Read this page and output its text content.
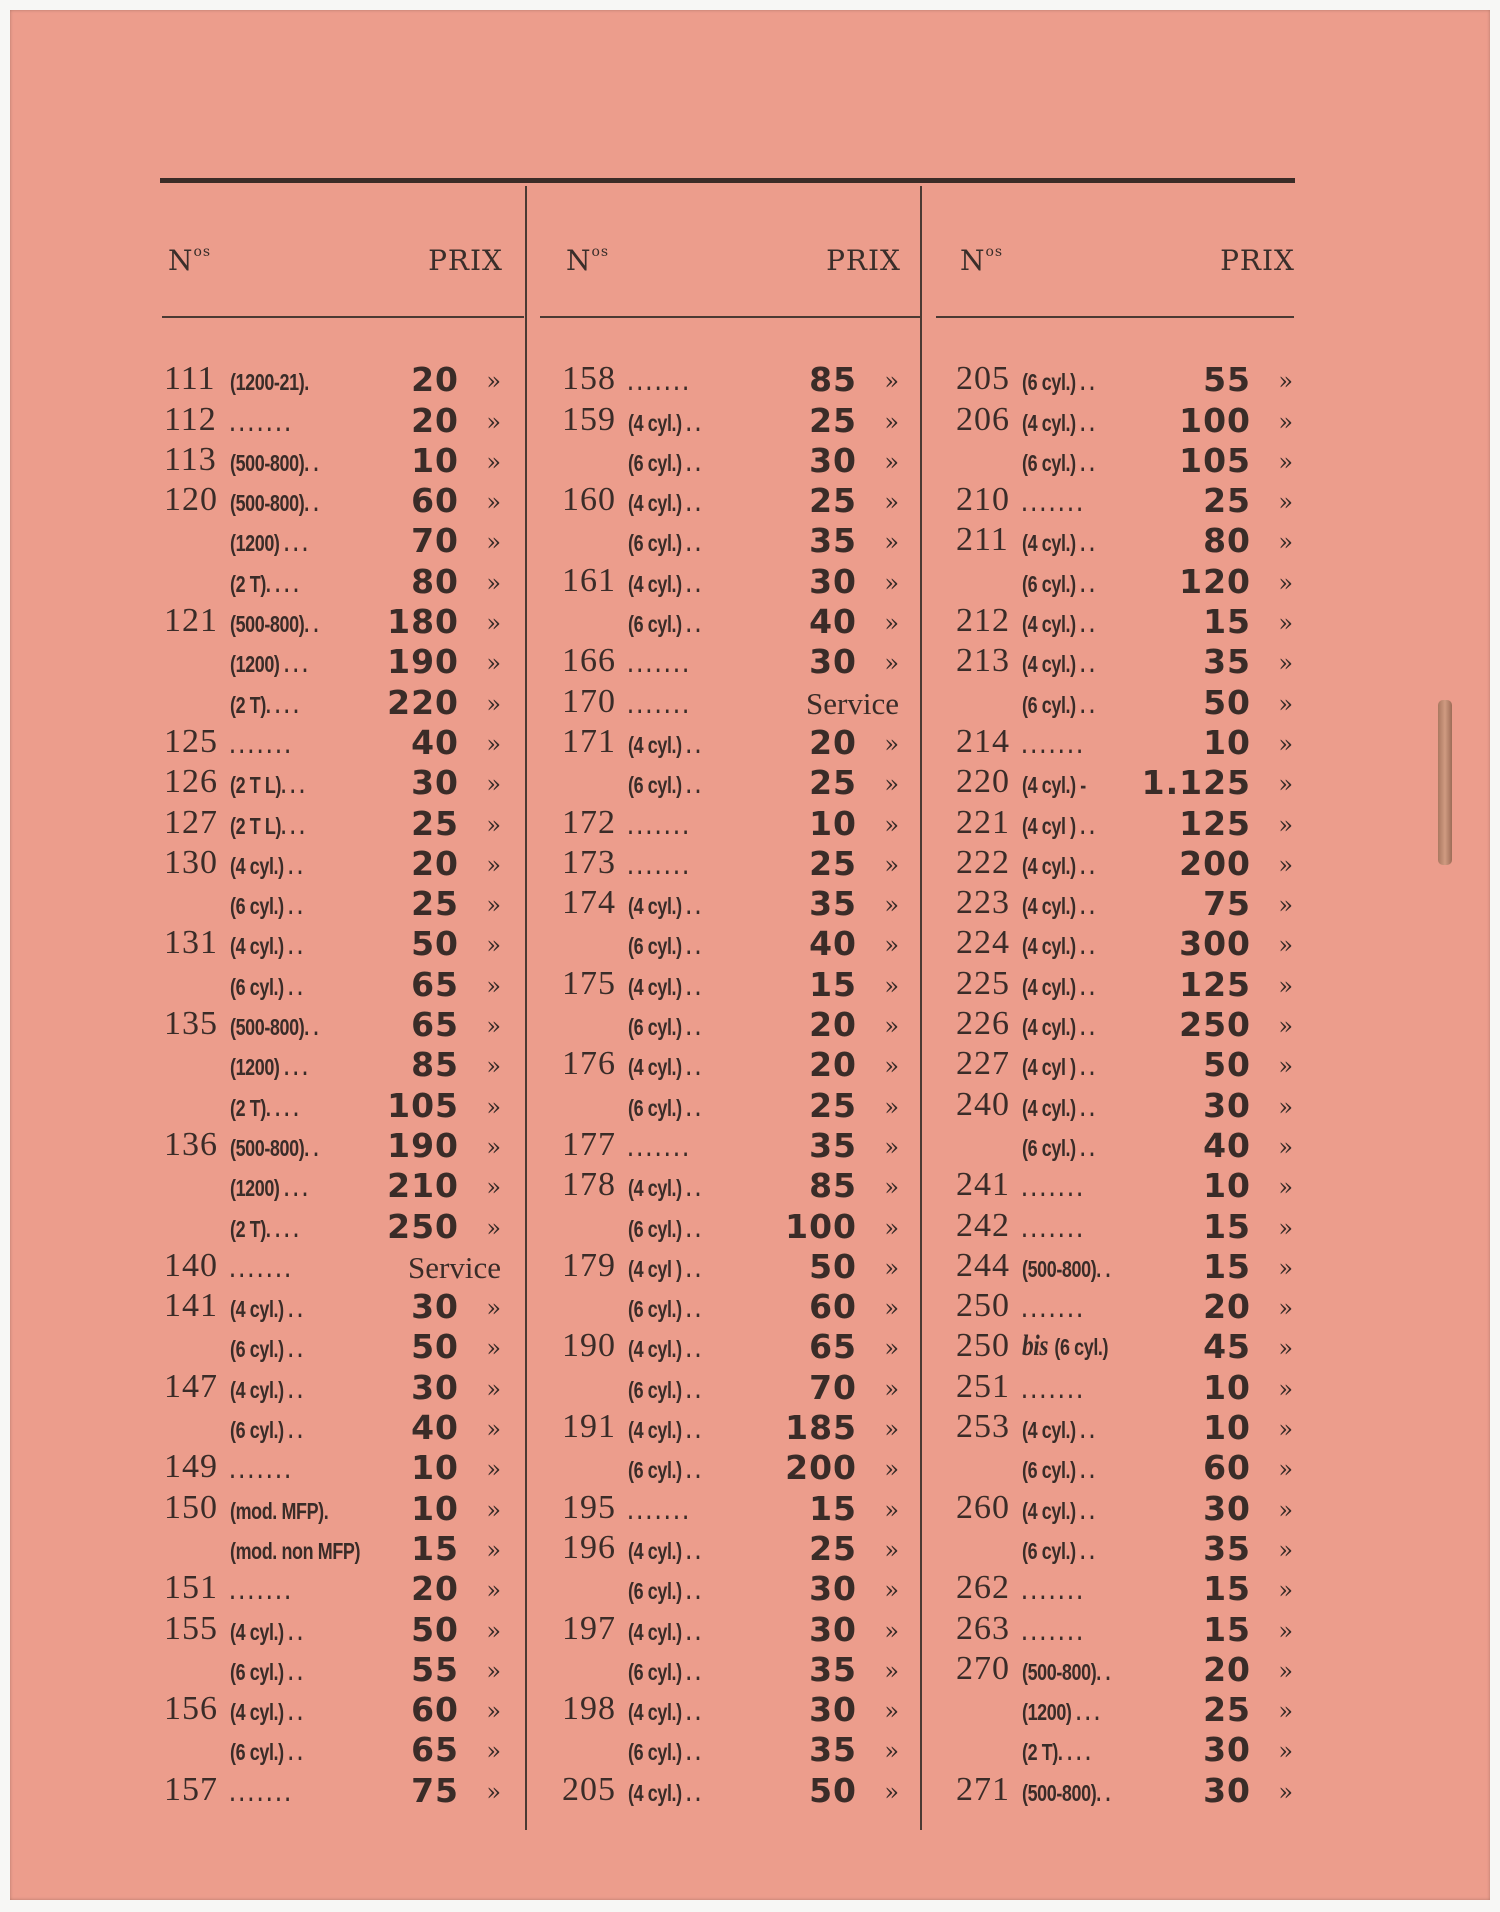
$N^{os}$	PRIX
111 (1200-21).	20 »
112 . . . . . . .	20 »
113 (500-800). .	10 »
120 (500-800). .	60 »
(1200) . . .	70 »
(2 T). . . .	80 »
121 (500-800). . 180 »
(1200) . . . 190 »
(2 T). . . .	220 »
125 . . . . . . .	40 »
126 (2 T L). . .	30 »
127 (2 T L). . .	25 »
130 (4 cyl.) . .	20 »
(6 cyl.) . .	25 »
131 (4 cyl.) . .	50 »
(6 cyl.) . .	65 »
135 (500-800). .	65 »
(1200) . . .	85 »
(2 T). . . .	105 »
136 (500-800). . 190 »
(1200) . . . 210 »
(2 T). . . .	250 »
140 . . . . . . .	Service
141 (4 cyl.) . .	30 »
(6 cyl.) . .	50 »
147 (4 cyl.) . .	30 »
(6 cyl.) . .	40 »
149 . . . . . . .	10 »
150 (mod. MFP).	10 »
(mod. non MFP) 15 »
151 . . . . . . .	20 »
155 (4 cyl.) . .	50 »
(6 cyl.) . .	55 »
156 (4 cyl.) . .	60 »
(6 cyl.) . .	65 »
157 . . . . . . .	75 »
$N^{os}$	PRIX
158 . . . . . . .	85 »
159 (4 cyl.) . .	25 »
(6 cyl.) . .	30 »
160 (4 cyl.) . .	25 »
(6 cyl.) . .	35 »
161 (4 cyl.) . .	30 »
(6 cyl.) . .	40 »
166 . . . . . . .	30 »
170 . . . . . . .	Service
171 (4 cyl.) . .	20 »
(6 cyl.) . .	25 »
172 . . . . . . .	10 »
173 . . . . . . .	25 »
174 (4 cyl.) . .	35 »
(6 cyl.) . .	40 »
175 (4 cyl.) . .	15 »
(6 cyl.) . .	20 »
176 (4 cyl.) . .	20 »
(6 cyl.) . .	25 »
177 . . . . . . .	35 »
178 (4 cyl.) . .	85 »
(6 cyl.) . .	100 »
179 (4 cyl ) . .	50 »
(6 cyl.) . .	60 »
190 (4 cyl.) . .	65 »
(6 cyl.) . .	70 »
191 (4 cyl.) . .	185 »
(6 cyl.) . .	200 »
195 . . . . . . .	15 »
196 (4 cyl.) . .	25 »
(6 cyl.) . .	30 »
197 (4 cyl.) . .	30 »
(6 cyl.) . .	35 »
198 (4 cyl.) . .	30 »
(6 cyl.) . .	35 »
205 (4 cyl.) . .	50 »
$N^{os}$	PRIX
205 (6 cyl.) . .	55 »
206 (4 cyl.) . .	100 »
(6 cyl.) . .	105 »
210 . . . . . . .	25 »
211 (4 cyl.) . .	80 »
(6 cyl.) . .	120 »
212 (4 cyl.) . .	15 »
213 (4 cyl.) . .	35 »
(6 cyl.) . .	50 »
214 . . . . . . .	10 »
220 (4 cyl.) - 1.125 »
221 (4 cyl ) . .	125 »
222 (4 cyl.) . .	200 »
223 (4 cyl.) . .	75 »
224 (4 cyl.) . .	300 »
225 (4 cyl.) . .	125 »
226 (4 cyl.) . .	250 »
227 (4 cyl ) . .	50 »
240 (4 cyl.) . .	30 »
(6 cyl.) . .	40 »
241 . . . . . . .	10 »
242 . . . . . . .	15 »
244 (500-800). .	15 »
250 . . . . . . .	20 »
250 bis (6 cyl.)	45 »
251 . . . . . . .	10 »
253 (4 cyl.) . .	10 »
(6 cyl.) . .	60 »
260 (4 cyl.) . .	30 »
(6 cyl.) . .	35 »
262 . . . . . . .	15 »
263 . . . . . . .	15 »
270 (500-800). .	20 »
(1200) . . .	25 »
(2 T). . . .	30 »
271 (500-800). .	30 »
